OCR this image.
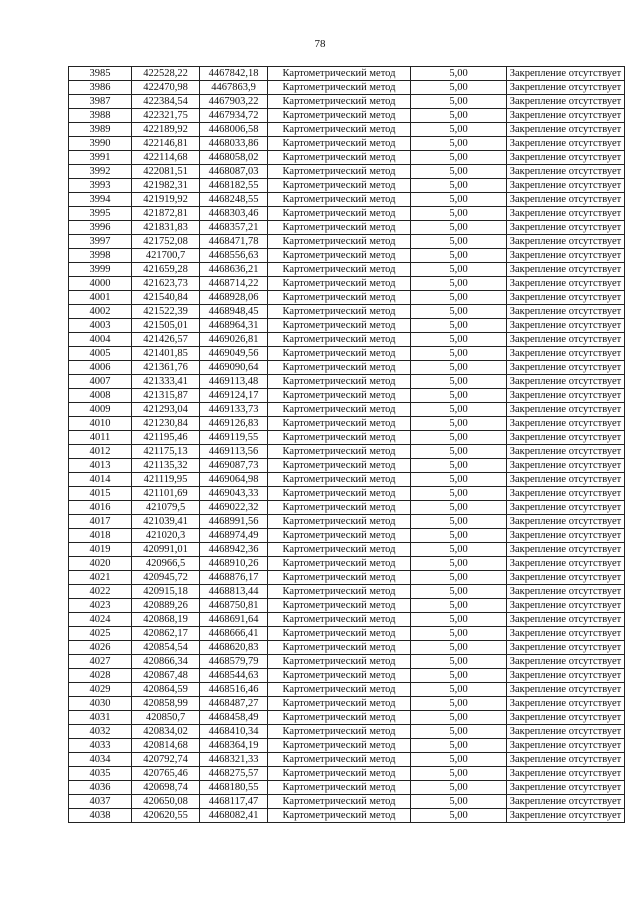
78
3985	422528,22	4467842,18	Картометрический метод	5,00	Закрепление отсутствует
3986	422470,98	4467863,9	Картометрический метод	5,00	Закрепление отсутствует
3987	422384,54	4467903,22	Картометрический метод	5,00	Закрепление отсутствует
3988	422321,75	4467934,72	Картометрический метод	5,00	Закрепление отсутствует
3989	422189,92	4468006,58	Картометрический метод	5,00	Закрепление отсутствует
3990	422146,81	4468033,86	Картометрический метод	5,00	Закрепление отсутствует
3991	422114,68	4468058,02	Картометрический метод	5,00	Закрепление отсутствует
3992	422081,51	4468087,03	Картометрический метод	5,00	Закрепление отсутствует
3993	421982,31	4468182,55	Картометрический метод	5,00	Закрепление отсутствует
3994	421919,92	4468248,55	Картометрический метод	5,00	Закрепление отсутствует
3995	421872,81	4468303,46	Картометрический метод	5,00	Закрепление отсутствует
3996	421831,83	4468357,21	Картометрический метод	5,00	Закрепление отсутствует
3997	421752,08	4468471,78	Картометрический метод	5,00	Закрепление отсутствует
3998	421700,7	4468556,63	Картометрический метод	5,00	Закрепление отсутствует
3999	421659,28	4468636,21	Картометрический метод	5,00	Закрепление отсутствует
4000	421623,73	4468714,22	Картометрический метод	5,00	Закрепление отсутствует
4001	421540,84	4468928,06	Картометрический метод	5,00	Закрепление отсутствует
4002	421522,39	4468948,45	Картометрический метод	5,00	Закрепление отсутствует
4003	421505,01	4468964,31	Картометрический метод	5,00	Закрепление отсутствует
4004	421426,57	4469026,81	Картометрический метод	5,00	Закрепление отсутствует
4005	421401,85	4469049,56	Картометрический метод	5,00	Закрепление отсутствует
4006	421361,76	4469090,64	Картометрический метод	5,00	Закрепление отсутствует
4007	421333,41	4469113,48	Картометрический метод	5,00	Закрепление отсутствует
4008	421315,87	4469124,17	Картометрический метод	5,00	Закрепление отсутствует
4009	421293,04	4469133,73	Картометрический метод	5,00	Закрепление отсутствует
4010	421230,84	4469126,83	Картометрический метод	5,00	Закрепление отсутствует
4011	421195,46	4469119,55	Картометрический метод	5,00	Закрепление отсутствует
4012	421175,13	4469113,56	Картометрический метод	5,00	Закрепление отсутствует
4013	421135,32	4469087,73	Картометрический метод	5,00	Закрепление отсутствует
4014	421119,95	4469064,98	Картометрический метод	5,00	Закрепление отсутствует
4015	421101,69	4469043,33	Картометрический метод	5,00	Закрепление отсутствует
4016	421079,5	4469022,32	Картометрический метод	5,00	Закрепление отсутствует
4017	421039,41	4468991,56	Картометрический метод	5,00	Закрепление отсутствует
4018	421020,3	4468974,49	Картометрический метод	5,00	Закрепление отсутствует
4019	420991,01	4468942,36	Картометрический метод	5,00	Закрепление отсутствует
4020	420966,5	4468910,26	Картометрический метод	5,00	Закрепление отсутствует
4021	420945,72	4468876,17	Картометрический метод	5,00	Закрепление отсутствует
4022	420915,18	4468813,44	Картометрический метод	5,00	Закрепление отсутствует
4023	420889,26	4468750,81	Картометрический метод	5,00	Закрепление отсутствует
4024	420868,19	4468691,64	Картометрический метод	5,00	Закрепление отсутствует
4025	420862,17	4468666,41	Картометрический метод	5,00	Закрепление отсутствует
4026	420854,54	4468620,83	Картометрический метод	5,00	Закрепление отсутствует
4027	420866,34	4468579,79	Картометрический метод	5,00	Закрепление отсутствует
4028	420867,48	4468544,63	Картометрический метод	5,00	Закрепление отсутствует
4029	420864,59	4468516,46	Картометрический метод	5,00	Закрепление отсутствует
4030	420858,99	4468487,27	Картометрический метод	5,00	Закрепление отсутствует
4031	420850,7	4468458,49	Картометрический метод	5,00	Закрепление отсутствует
4032	420834,02	4468410,34	Картометрический метод	5,00	Закрепление отсутствует
4033	420814,68	4468364,19	Картометрический метод	5,00	Закрепление отсутствует
4034	420792,74	4468321,33	Картометрический метод	5,00	Закрепление отсутствует
4035	420765,46	4468275,57	Картометрический метод	5,00	Закрепление отсутствует
4036	420698,74	4468180,55	Картометрический метод	5,00	Закрепление отсутствует
4037	420650,08	4468117,47	Картометрический метод	5,00	Закрепление отсутствует
4038	420620,55	4468082,41	Картометрический метод	5,00	Закрепление отсутствует
